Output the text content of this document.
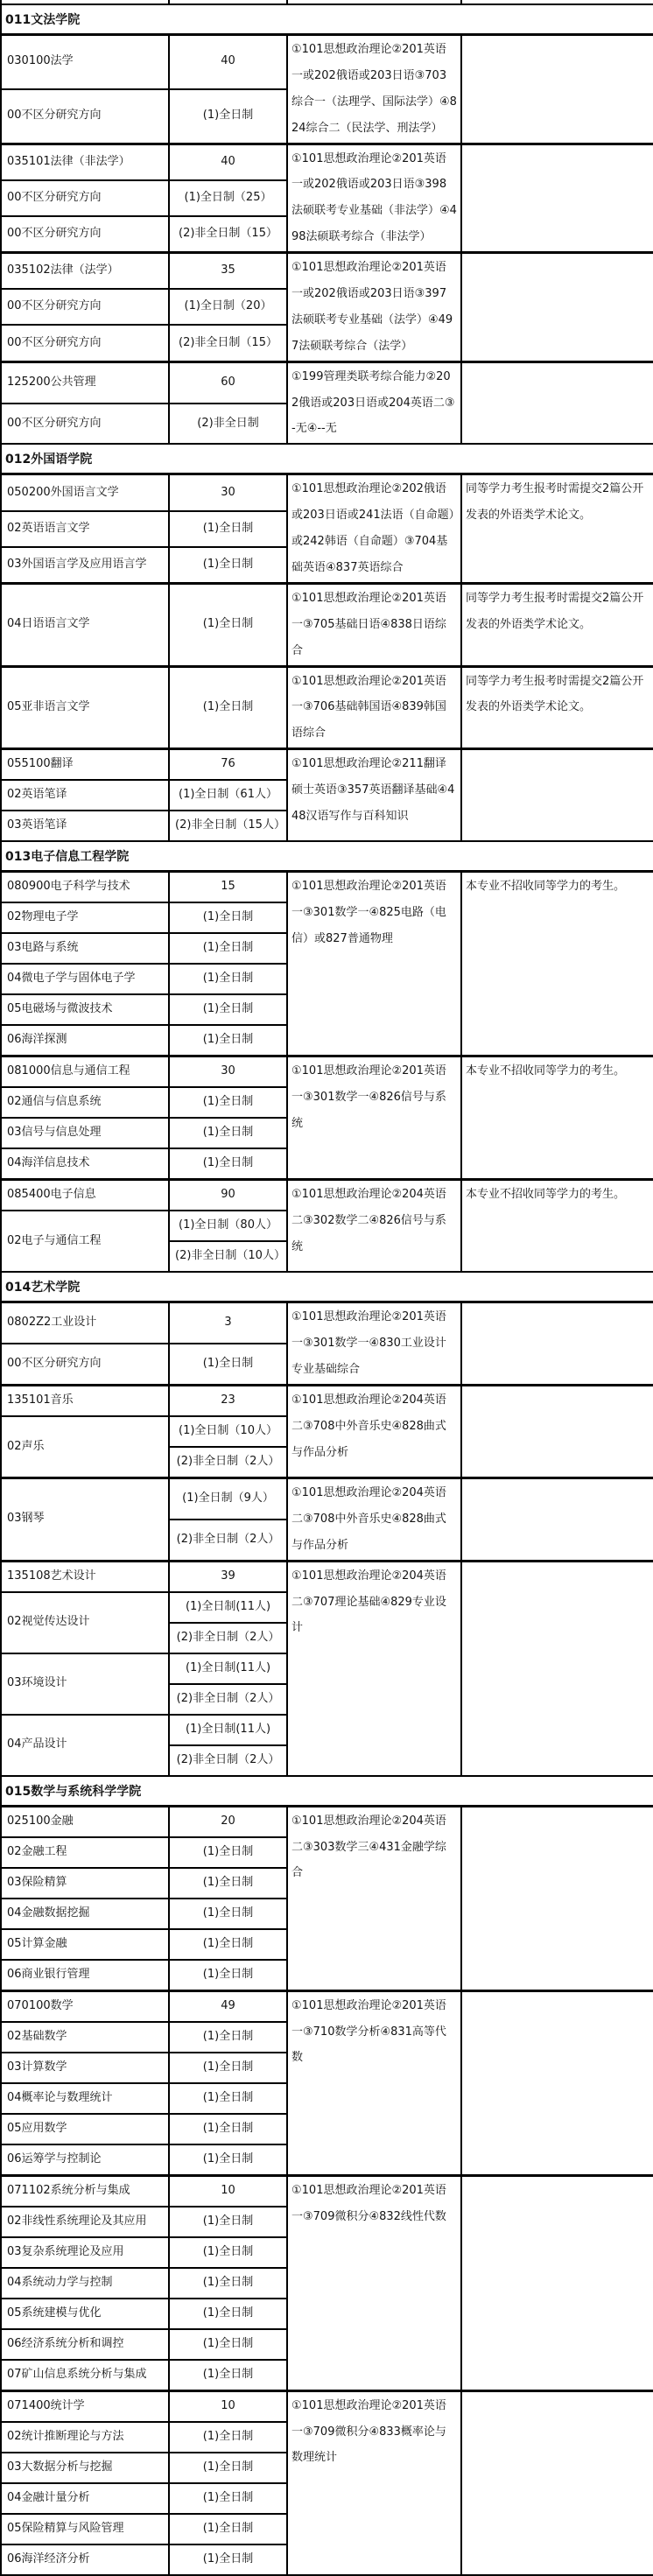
011文法学院			
030100法学	40	①101思想政治理论②201英语一或202俄语或203日语③703综合一（法理学、国际法学）④824综合二（民法学、刑法学）	
00不区分研究方向	(1)全日制		
035101法律（非法学）	40	①101思想政治理论②201英语一或202俄语或203日语③398法硕联考专业基础（非法学）④498法硕联考综合（非法学）	
00不区分研究方向	(1)全日制（25）		
00不区分研究方向	(2)非全日制（15）		
035102法律（法学）	35	①101思想政治理论②201英语一或202俄语或203日语③397法硕联考专业基础（法学）④497法硕联考综合（法学）	
00不区分研究方向	(1)全日制（20）		
00不区分研究方向	(2)非全日制（15）		
125200公共管理	60	①199管理类联考综合能力②202俄语或203日语或204英语二③-无④--无	
00不区分研究方向	(2)非全日制		
012外国语学院			
050200外国语言文学	30	①101思想政治理论②202俄语或203日语或241法语（自命题）或242韩语（自命题）③704基础英语④837英语综合	同等学力考生报考时需提交2篇公开发表的外语类学术论文。
02英语语言文学	(1)全日制		
03外国语言学及应用语言学	(1)全日制		
04日语语言文学	(1)全日制	①101思想政治理论②201英语一③705基础日语④838日语综合	同等学力考生报考时需提交2篇公开发表的外语类学术论文。
05亚非语言文学	(1)全日制	①101思想政治理论②201英语一③706基础韩国语④839韩国语综合	同等学力考生报考时需提交2篇公开发表的外语类学术论文。
055100翻译	76	①101思想政治理论②211翻译硕士英语③357英语翻译基础④448汉语写作与百科知识	
02英语笔译	(1)全日制（61人）		
03英语笔译	(2)非全日制（15人）		
013电子信息工程学院			
080900电子科学与技术	15	①101思想政治理论②201英语一③301数学一④825电路（电信）或827普通物理	本专业不招收同等学力的考生。
02物理电子学	(1)全日制		
03电路与系统	(1)全日制		
04微电子学与固体电子学	(1)全日制		
05电磁场与微波技术	(1)全日制		
06海洋探测	(1)全日制		
081000信息与通信工程	30	①101思想政治理论②201英语一③301数学一④826信号与系统	本专业不招收同等学力的考生。
02通信与信息系统	(1)全日制		
03信号与信息处理	(1)全日制		
04海洋信息技术	(1)全日制		
085400电子信息	90	①101思想政治理论②204英语二③302数学二④826信号与系统	本专业不招收同等学力的考生。
02电子与通信工程	(1)全日制（80人）		
	(2)非全日制（10人）		
014艺术学院			
0802Z2工业设计	3	①101思想政治理论②201英语一③301数学一④830工业设计专业基础综合	
00不区分研究方向	(1)全日制		
135101音乐	23	①101思想政治理论②204英语二③708中外音乐史④828曲式与作品分析	
02声乐	(1)全日制（10人）		
	(2)非全日制（2人）		
03钢琴	(1)全日制（9人）	①101思想政治理论②204英语二③708中外音乐史④828曲式与作品分析	
	(2)非全日制（2人）		
135108艺术设计	39	①101思想政治理论②204英语二③707理论基础④829专业设计	
02视觉传达设计	(1)全日制(11人)		
	(2)非全日制（2人）		
03环境设计	(1)全日制(11人)		
	(2)非全日制（2人）		
04产品设计	(1)全日制(11人)		
	(2)非全日制（2人）		
015数学与系统科学学院			
025100金融	20	①101思想政治理论②204英语二③303数学三④431金融学综合	
02金融工程	(1)全日制		
03保险精算	(1)全日制		
04金融数据挖掘	(1)全日制		
05计算金融	(1)全日制		
06商业银行管理	(1)全日制		
070100数学	49	①101思想政治理论②201英语一③710数学分析④831高等代数	
02基础数学	(1)全日制		
03计算数学	(1)全日制		
04概率论与数理统计	(1)全日制		
05应用数学	(1)全日制		
06运筹学与控制论	(1)全日制		
071102系统分析与集成	10	①101思想政治理论②201英语一③709微积分④832线性代数	
02非线性系统理论及其应用	(1)全日制		
03复杂系统理论及应用	(1)全日制		
04系统动力学与控制	(1)全日制		
05系统建模与优化	(1)全日制		
06经济系统分析和调控	(1)全日制		
07矿山信息系统分析与集成	(1)全日制		
071400统计学	10	①101思想政治理论②201英语一③709微积分④833概率论与数理统计	
02统计推断理论与方法	(1)全日制		
03大数据分析与挖掘	(1)全日制		
04金融计量分析	(1)全日制		
05保险精算与风险管理	(1)全日制		
06海洋经济分析	(1)全日制		
